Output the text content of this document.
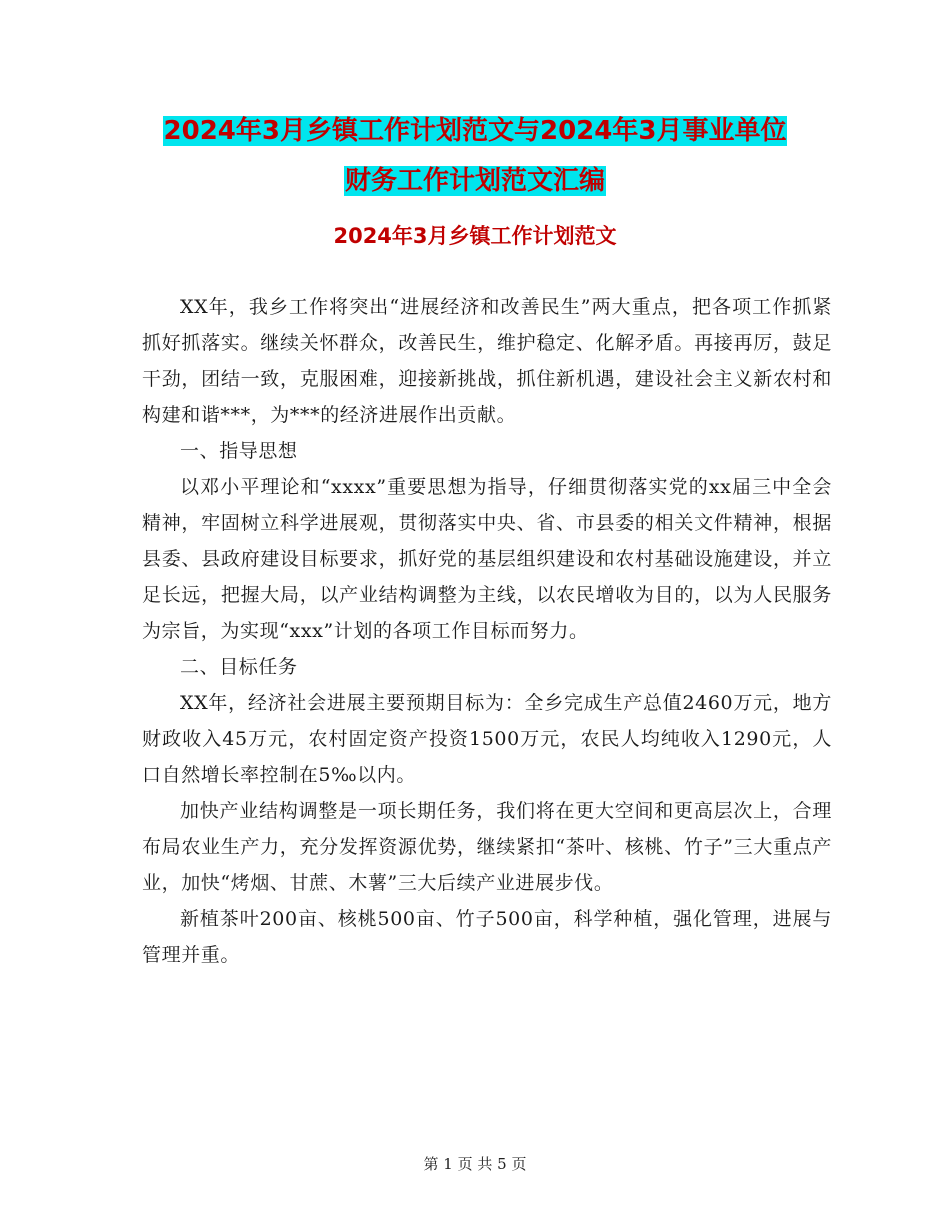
2024年3月乡镇工作计划范文与2024年3月事业单位
财务工作计划范文汇编
2024年3月乡镇工作计划范文

XX年，我乡工作将突出“进展经济和改善民生”两大重点，把各项工作抓紧抓好抓落实。继续关怀群众，改善民生，维护稳定、化解矛盾。再接再厉，鼓足干劲，团结一致，克服困难，迎接新挑战，抓住新机遇，建设社会主义新农村和构建和谐***，为***的经济进展作出贡献。

一、指导思想

以邓小平理论和“xxxx”重要思想为指导，仔细贯彻落实党的xx届三中全会精神，牢固树立科学进展观，贯彻落实中央、省、市县委的相关文件精神，根据县委、县政府建设目标要求，抓好党的基层组织建设和农村基础设施建设，并立足长远，把握大局，以产业结构调整为主线，以农民增收为目的，以为人民服务为宗旨，为实现“xxx”计划的各项工作目标而努力。

二、目标任务

XX年，经济社会进展主要预期目标为：全乡完成生产总值2460万元，地方财政收入45万元，农村固定资产投资1500万元，农民人均纯收入1290元，人口自然增长率控制在5‰以内。

加快产业结构调整是一项长期任务，我们将在更大空间和更高层次上，合理布局农业生产力，充分发挥资源优势，继续紧扣“茶叶、核桃、竹子”三大重点产业，加快“烤烟、甘蔗、木薯”三大后续产业进展步伐。

新植茶叶200亩、核桃500亩、竹子500亩，科学种植，强化管理，进展与管理并重。

第 1 页 共 5 页
